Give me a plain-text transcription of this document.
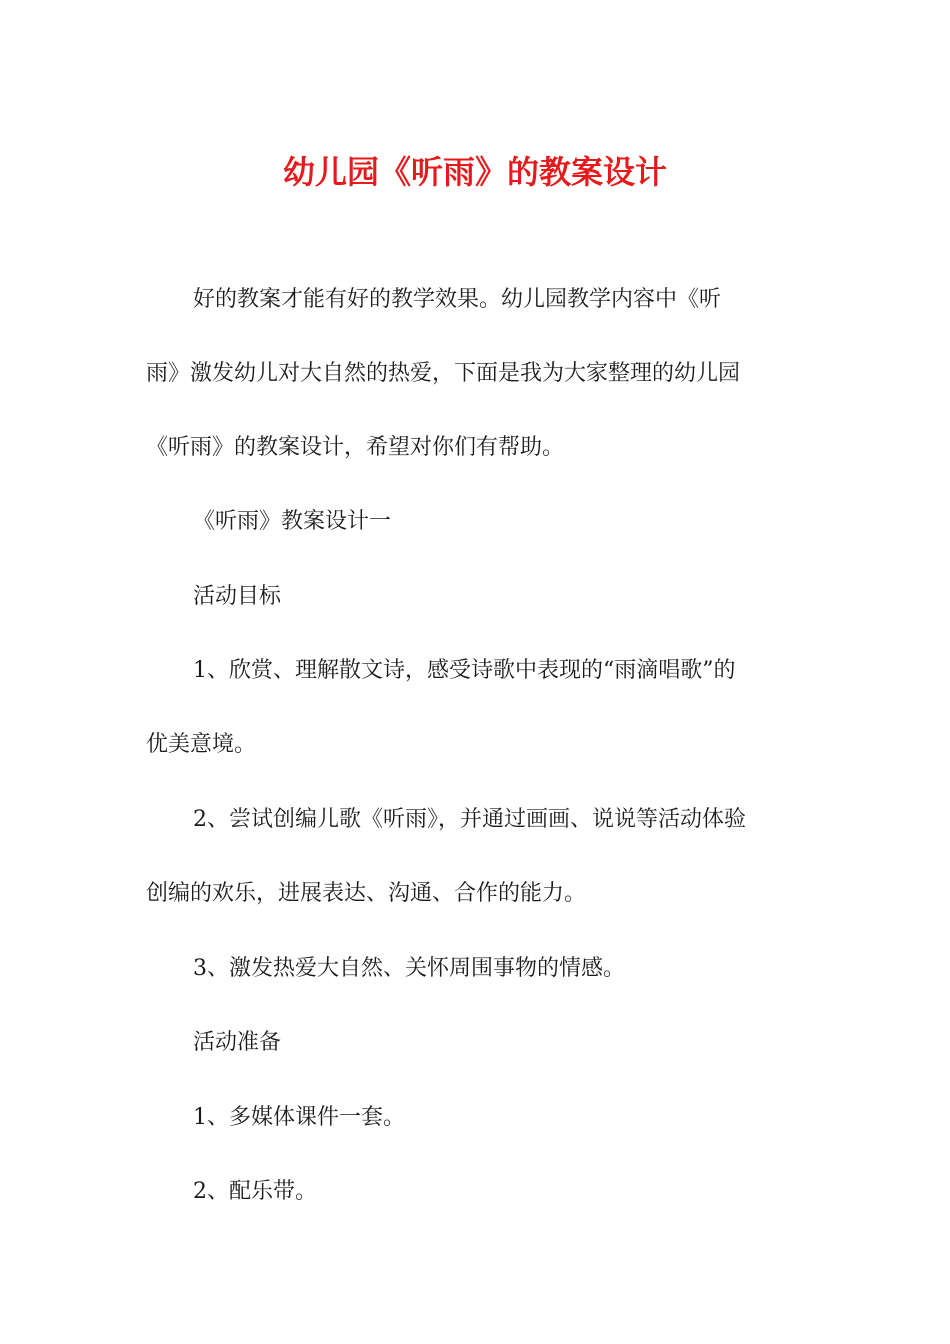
幼儿园《听雨》的教案设计

好的教案才能有好的教学效果。幼儿园教学内容中《听

雨》激发幼儿对大自然的热爱，下面是我为大家整理的幼儿园

《听雨》的教案设计，希望对你们有帮助。

《听雨》教案设计一

活动目标

1、欣赏、理解散文诗，感受诗歌中表现的“雨滴唱歌”的

优美意境。

2、尝试创编儿歌《听雨》，并通过画画、说说等活动体验

创编的欢乐，进展表达、沟通、合作的能力。

3、激发热爱大自然、关怀周围事物的情感。

活动准备

1、多媒体课件一套。

2、配乐带。
